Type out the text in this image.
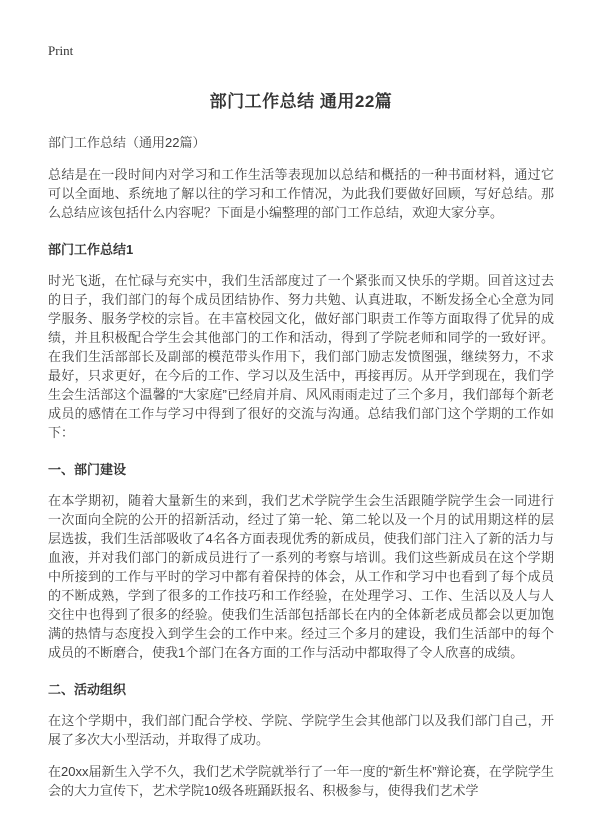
Print
部门工作总结 通用22篇

部门工作总结（通用22篇）

总结是在一段时间内对学习和工作生活等表现加以总结和概括的一种书面材料，通过它可以全面地、系统地了解以往的学习和工作情况，为此我们要做好回顾，写好总结。那么总结应该包括什么内容呢？下面是小编整理的部门工作总结，欢迎大家分享。

部门工作总结1

时光飞逝，在忙碌与充实中，我们生活部度过了一个紧张而又快乐的学期。回首这过去的日子，我们部门的每个成员团结协作、努力共勉、认真进取，不断发扬全心全意为同学服务、服务学校的宗旨。在丰富校园文化，做好部门职责工作等方面取得了优异的成绩，并且积极配合学生会其他部门的工作和活动，得到了学院老师和同学的一致好评。在我们生活部部长及副部的模范带头作用下，我们部门励志发愤图强，继续努力，不求最好，只求更好，在今后的工作、学习以及生活中，再接再厉。从开学到现在，我们学生会生活部这个温馨的“大家庭”已经肩并肩、风风雨雨走过了三个多月，我们部每个新老成员的感情在工作与学习中得到了很好的交流与沟通。总结我们部门这个学期的工作如下：

一、部门建设

在本学期初，随着大量新生的来到，我们艺术学院学生会生活跟随学院学生会一同进行一次面向全院的公开的招新活动，经过了第一轮、第二轮以及一个月的试用期这样的层层选拔，我们生活部吸收了4名各方面表现优秀的新成员，使我们部门注入了新的活力与血液，并对我们部门的新成员进行了一系列的考察与培训。我们这些新成员在这个学期中所接到的工作与平时的学习中都有着保持的体会，从工作和学习中也看到了每个成员的不断成熟，学到了很多的工作技巧和工作经验，在处理学习、工作、生活以及人与人交往中也得到了很多的经验。使我们生活部包括部长在内的全体新老成员都会以更加饱满的热情与态度投入到学生会的工作中来。经过三个多月的建设，我们生活部中的每个成员的不断磨合，使我1个部门在各方面的工作与活动中都取得了令人欣喜的成绩。

二、活动组织

在这个学期中，我们部门配合学校、学院、学院学生会其他部门以及我们部门自己，开展了多次大小型活动，并取得了成功。

在20xx届新生入学不久，我们艺术学院就举行了一年一度的“新生杯”辩论赛，在学院学生会的大力宣传下，艺术学院10级各班踊跃报名、积极参与，使得我们艺术学
